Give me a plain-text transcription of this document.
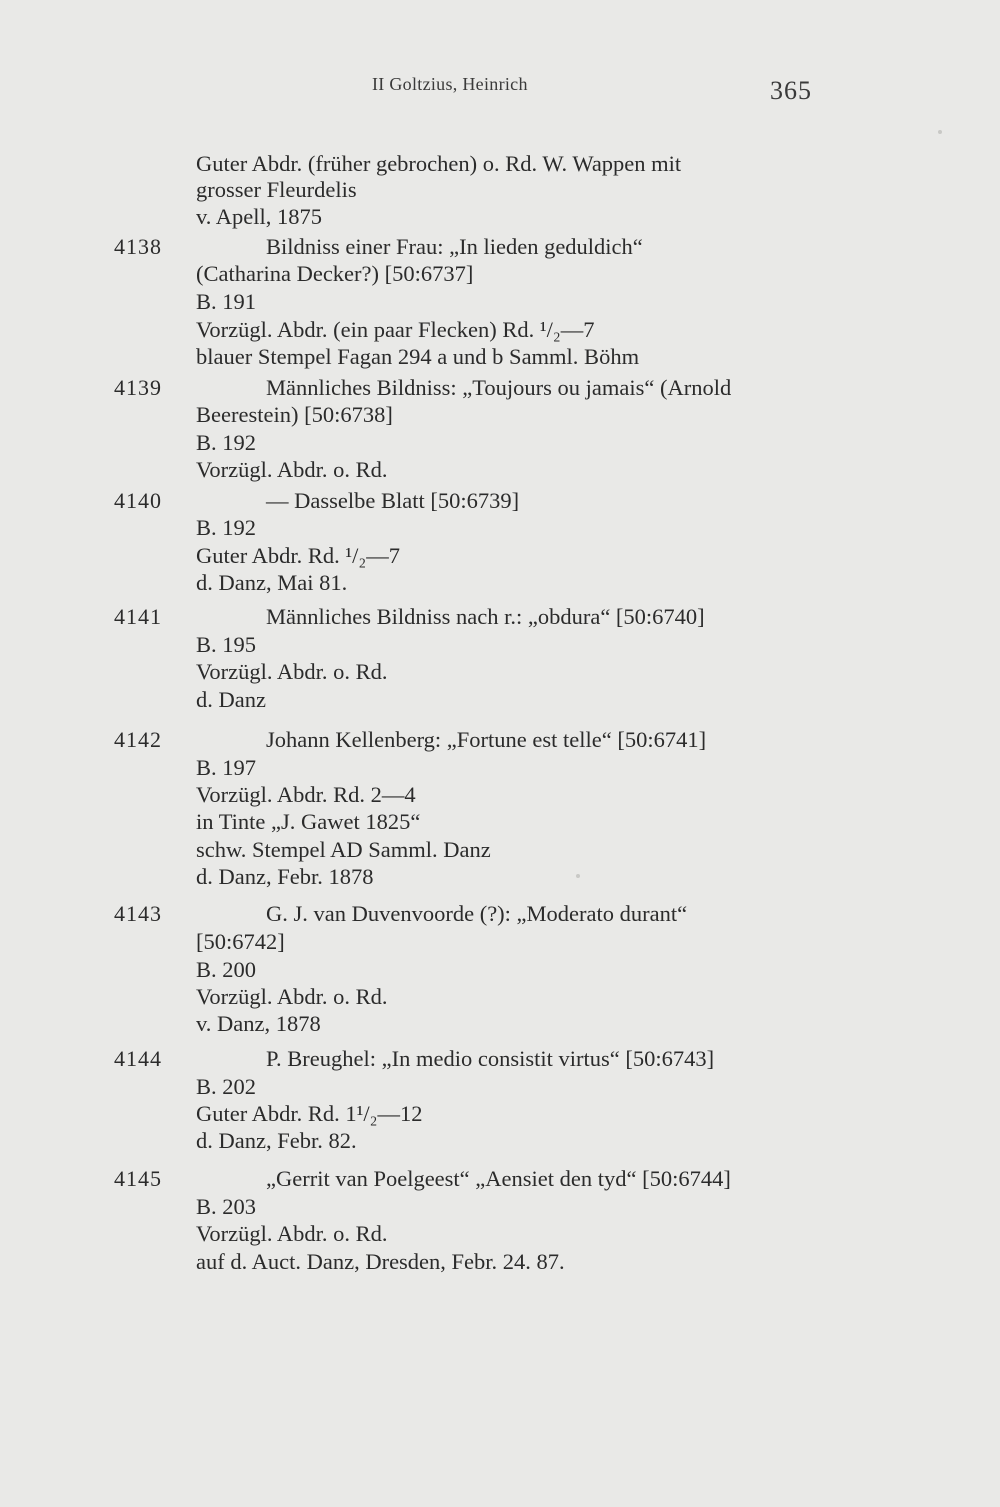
II Goltzius, Heinrich	365
Guter Abdr. (früher gebrochen) o. Rd. W. Wappen mit
grosser Fleurdelis
v. Apell, 1875
4138	Bildniss einer Frau: „In lieden geduldich“
(Catharina Decker?) [50:6737]
B. 191
Vorzügl. Abdr. (ein paar Flecken) Rd. ¹/₂—7
blauer Stempel Fagan 294 a und b Samml. Böhm
4139	Männliches Bildniss: „Toujours ou jamais“ (Arnold
Beerestein) [50:6738]
B. 192
Vorzügl. Abdr. o. Rd.
4140	— Dasselbe Blatt [50:6739]
B. 192
Guter Abdr. Rd. ¹/₂—7
d. Danz, Mai 81.
4141	Männliches Bildniss nach r.: „obdura“ [50:6740]
B. 195
Vorzügl. Abdr. o. Rd.
d. Danz
4142	Johann Kellenberg: „Fortune est telle“ [50:6741]
B. 197
Vorzügl. Abdr. Rd. 2—4
in Tinte „J. Gawet 1825“
schw. Stempel AD Samml. Danz
d. Danz, Febr. 1878
4143	G. J. van Duvenvoorde (?): „Moderato durant“
[50:6742]
B. 200
Vorzügl. Abdr. o. Rd.
v. Danz, 1878
4144	P. Breughel: „In medio consistit virtus“ [50:6743]
B. 202
Guter Abdr. Rd. 1¹/₂—12
d. Danz, Febr. 82.
4145	„Gerrit van Poelgeest“ „Aensiet den tyd“ [50:6744]
B. 203
Vorzügl. Abdr. o. Rd.
auf d. Auct. Danz, Dresden, Febr. 24. 87.
